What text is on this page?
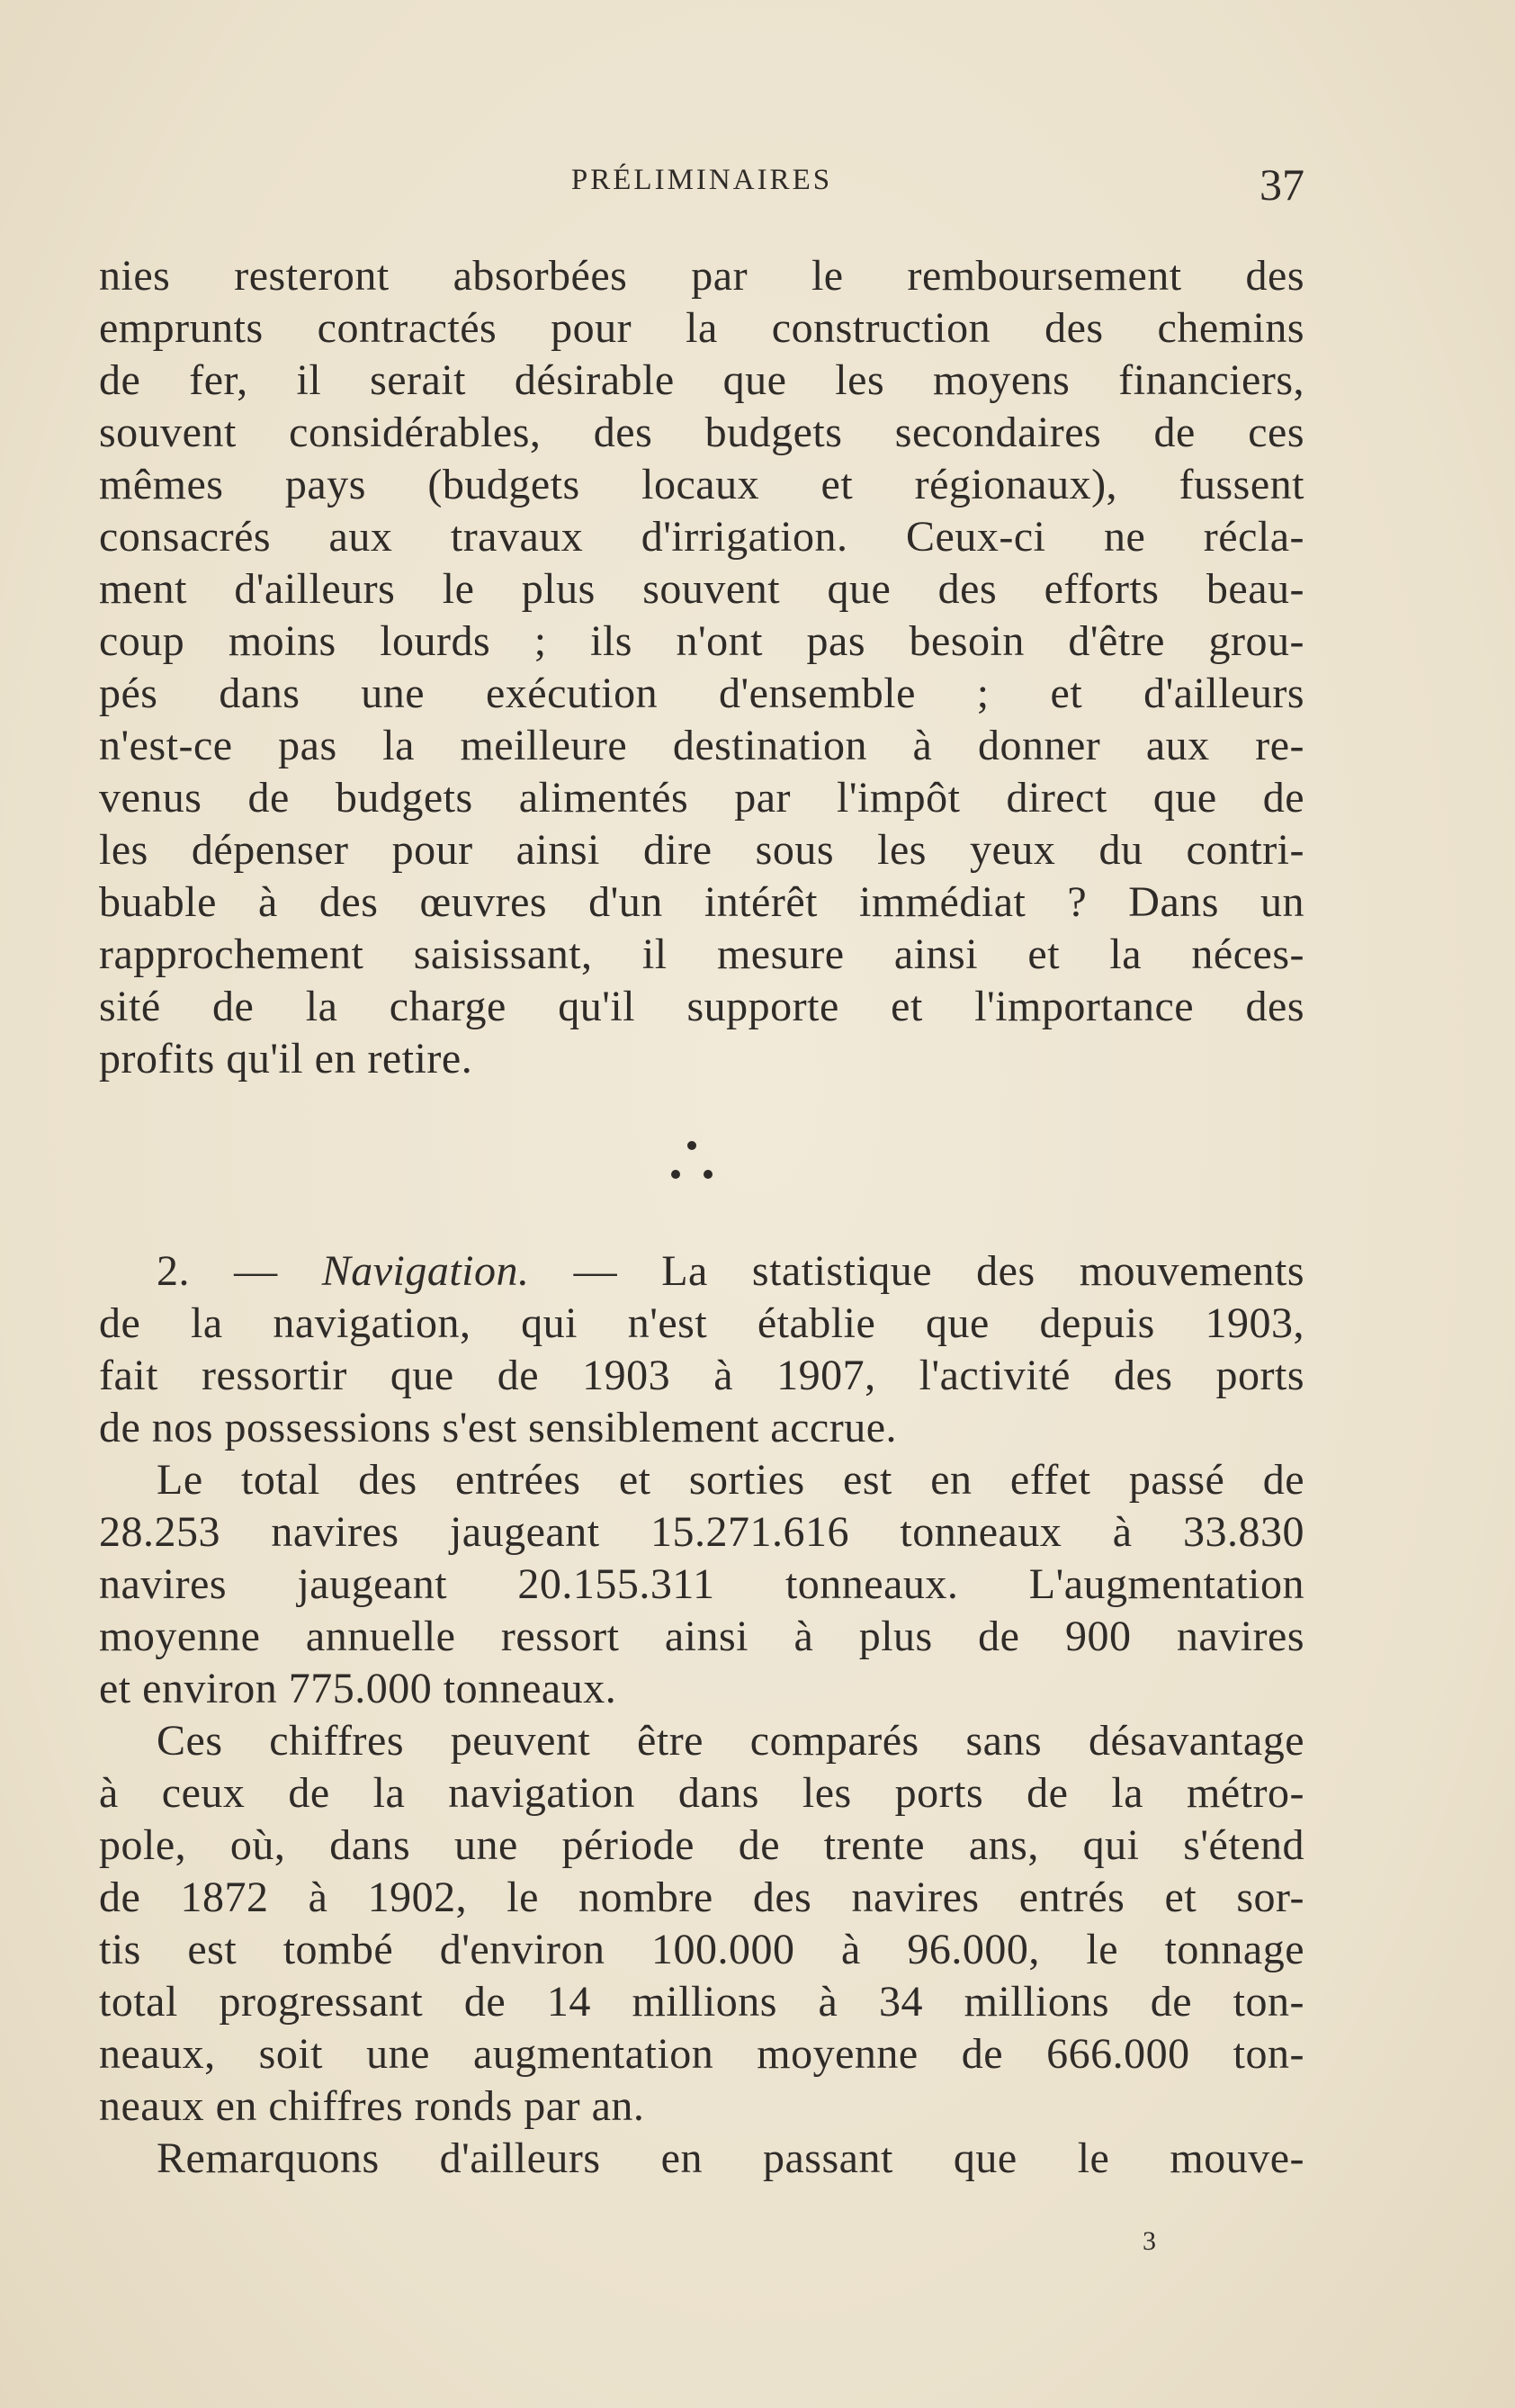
PRÉLIMINAIRES	37
nies resteront absorbées par le remboursement des
emprunts contractés pour la construction des chemins
de fer, il serait désirable que les moyens financiers,
souvent considérables, des budgets secondaires de ces
mêmes pays (budgets locaux et régionaux), fussent
consacrés aux travaux d'irrigation. Ceux-ci ne récla-
ment d'ailleurs le plus souvent que des efforts beau-
coup moins lourds ; ils n'ont pas besoin d'être grou-
pés dans une exécution d'ensemble ; et d'ailleurs
n'est-ce pas la meilleure destination à donner aux re-
venus de budgets alimentés par l'impôt direct que de
les dépenser pour ainsi dire sous les yeux du contri-
buable à des œuvres d'un intérêt immédiat ? Dans un
rapprochement saisissant, il mesure ainsi et la néces-
sité de la charge qu'il supporte et l'importance des
profits qu'il en retire.
2. — Navigation. — La statistique des mouvements
de la navigation, qui n'est établie que depuis 1903,
fait ressortir que de 1903 à 1907, l'activité des ports
de nos possessions s'est sensiblement accrue.
Le total des entrées et sorties est en effet passé de
28.253 navires jaugeant 15.271.616 tonneaux à 33.830
navires jaugeant 20.155.311 tonneaux. L'augmentation
moyenne annuelle ressort ainsi à plus de 900 navires
et environ 775.000 tonneaux.
Ces chiffres peuvent être comparés sans désavantage
à ceux de la navigation dans les ports de la métro-
pole, où, dans une période de trente ans, qui s'étend
de 1872 à 1902, le nombre des navires entrés et sor-
tis est tombé d'environ 100.000 à 96.000, le tonnage
total progressant de 14 millions à 34 millions de ton-
neaux, soit une augmentation moyenne de 666.000 ton-
neaux en chiffres ronds par an.
Remarquons d'ailleurs en passant que le mouve-
3
